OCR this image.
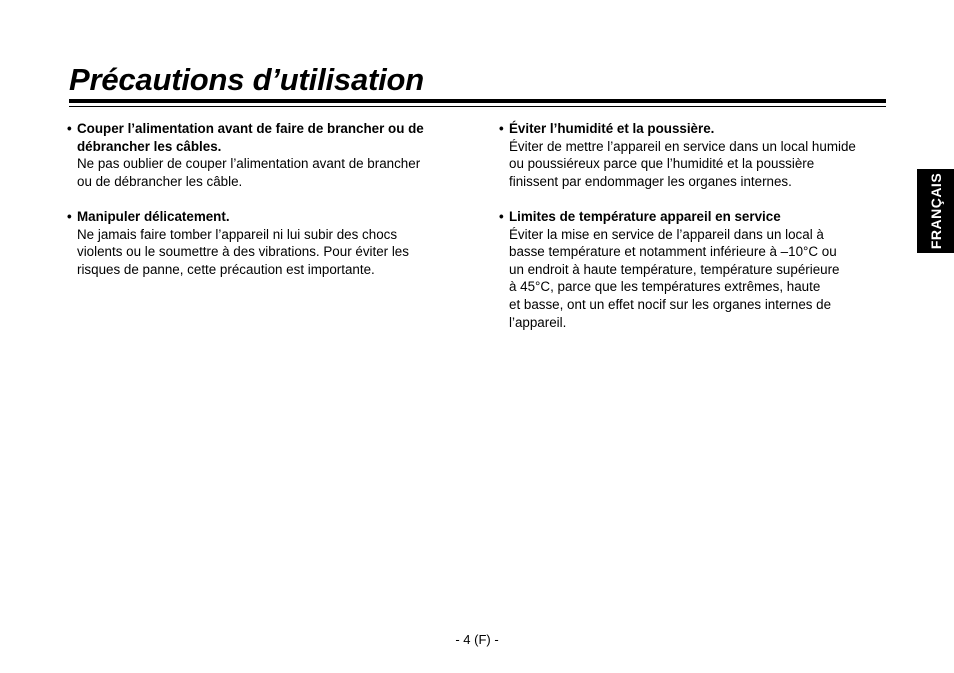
Précautions d’utilisation
• Couper l’alimentation avant de faire de brancher ou de
débrancher les câbles.
Ne pas oublier de couper l’alimentation avant de brancher
ou de débrancher les câble.
• Manipuler délicatement.
Ne jamais faire tomber l’appareil ni lui subir des chocs
violents ou le soumettre à des vibrations. Pour éviter les
risques de panne, cette précaution est importante.
• Éviter l’humidité et la poussière.
Éviter de mettre l’appareil en service dans un local humide
ou poussiéreux parce que l’humidité et la poussière
finissent par endommager les organes internes.
• Limites de température appareil en service
Éviter la mise en service de l’appareil dans un local à
basse température et notamment inférieure à –10°C ou
un endroit à haute température, température supérieure
à 45°C, parce que les températures extrêmes, haute
et basse, ont un effet nocif sur les organes internes de
l’appareil.
FRANÇAIS
- 4 (F) -
